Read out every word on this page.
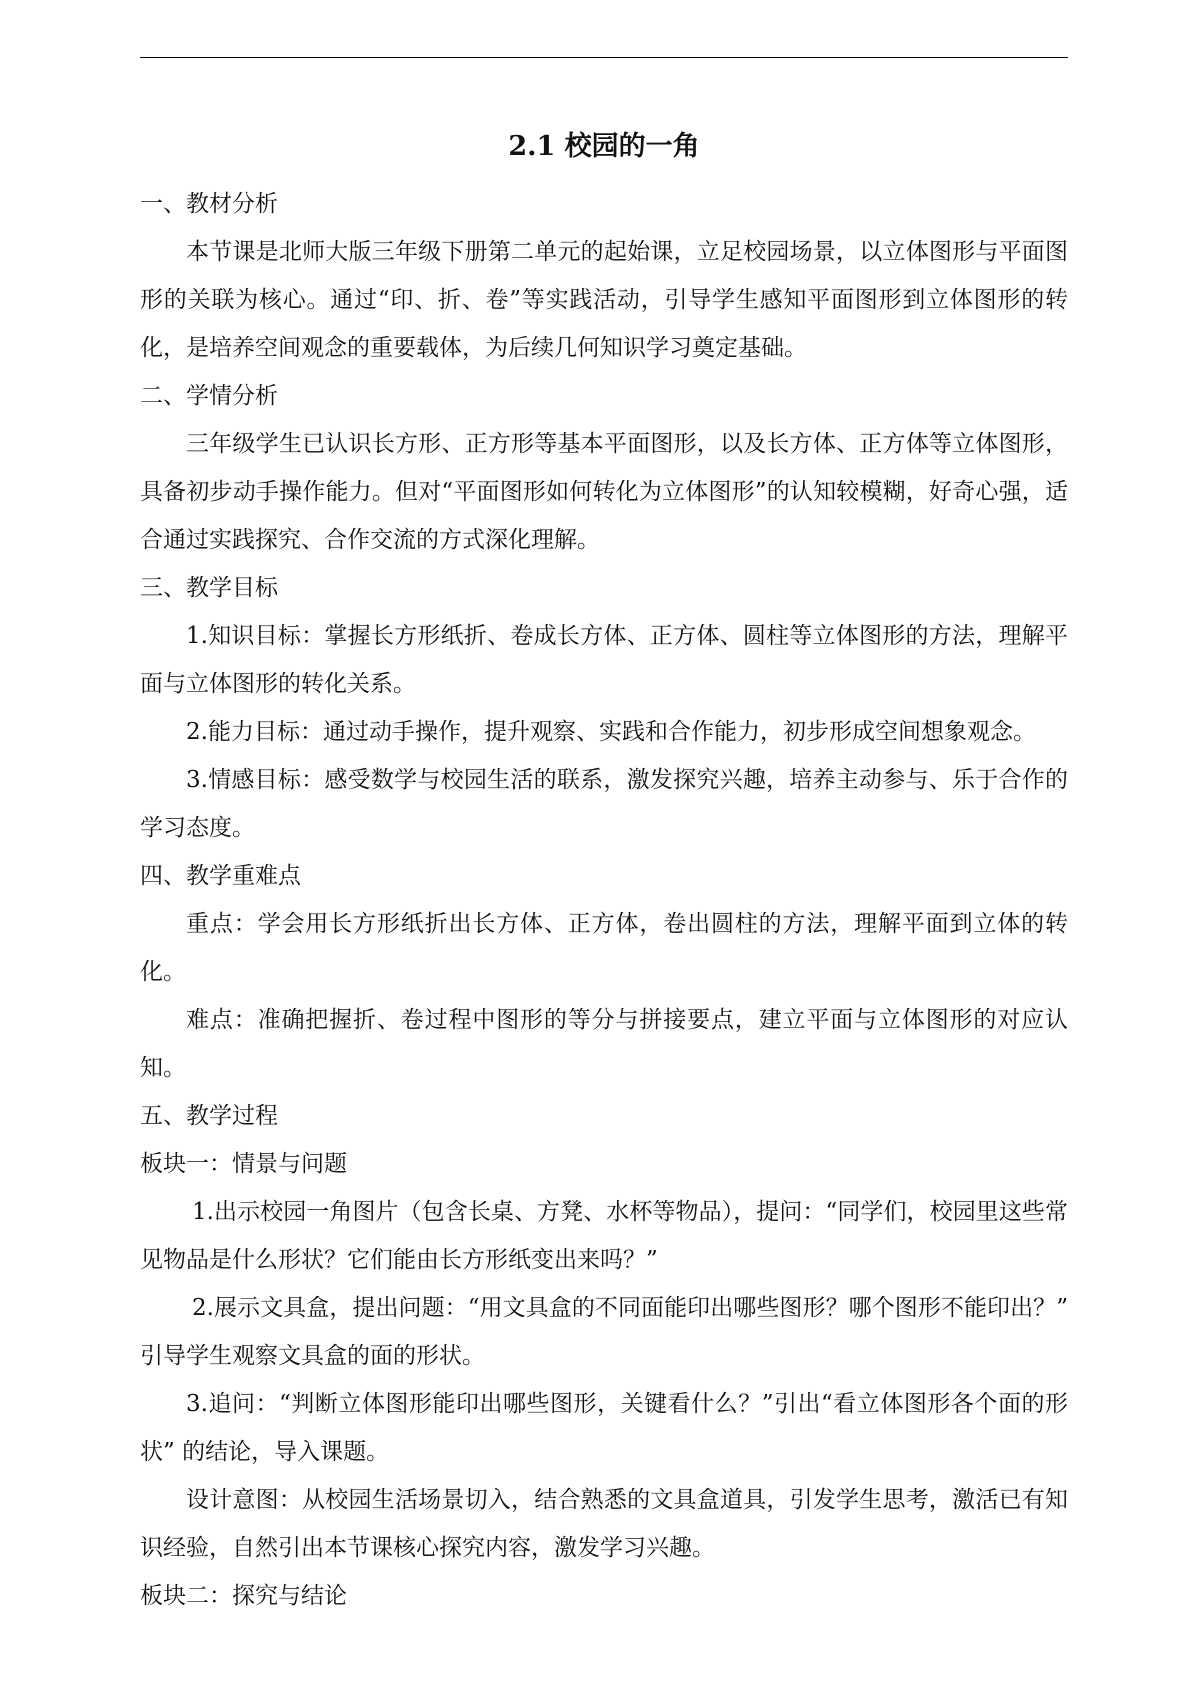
2.1 校园的一角

一、教材分析

本节课是北师大版三年级下册第二单元的起始课，立足校园场景，以立体图形与平面图形的关联为核心。通过“印、折、卷”等实践活动，引导学生感知平面图形到立体图形的转化，是培养空间观念的重要载体，为后续几何知识学习奠定基础。

二、学情分析

三年级学生已认识长方形、正方形等基本平面图形，以及长方体、正方体等立体图形，具备初步动手操作能力。但对“平面图形如何转化为立体图形”的认知较模糊，好奇心强，适合通过实践探究、合作交流的方式深化理解。

三、教学目标

1.知识目标：掌握长方形纸折、卷成长方体、正方体、圆柱等立体图形的方法，理解平面与立体图形的转化关系。

2.能力目标：通过动手操作，提升观察、实践和合作能力，初步形成空间想象观念。

3.情感目标：感受数学与校园生活的联系，激发探究兴趣，培养主动参与、乐于合作的学习态度。

四、教学重难点

重点：学会用长方形纸折出长方体、正方体，卷出圆柱的方法，理解平面到立体的转化。

难点：准确把握折、卷过程中图形的等分与拼接要点，建立平面与立体图形的对应认知。

五、教学过程

板块一：情景与问题

1.出示校园一角图片（包含长桌、方凳、水杯等物品），提问：“同学们，校园里这些常见物品是什么形状？它们能由长方形纸变出来吗？”

2.展示文具盒，提出问题：“用文具盒的不同面能印出哪些图形？哪个图形不能印出？” 引导学生观察文具盒的面的形状。

3.追问：“判断立体图形能印出哪些图形，关键看什么？”引出“看立体图形各个面的形状” 的结论，导入课题。

设计意图：从校园生活场景切入，结合熟悉的文具盒道具，引发学生思考，激活已有知识经验，自然引出本节课核心探究内容，激发学习兴趣。

板块二：探究与结论
